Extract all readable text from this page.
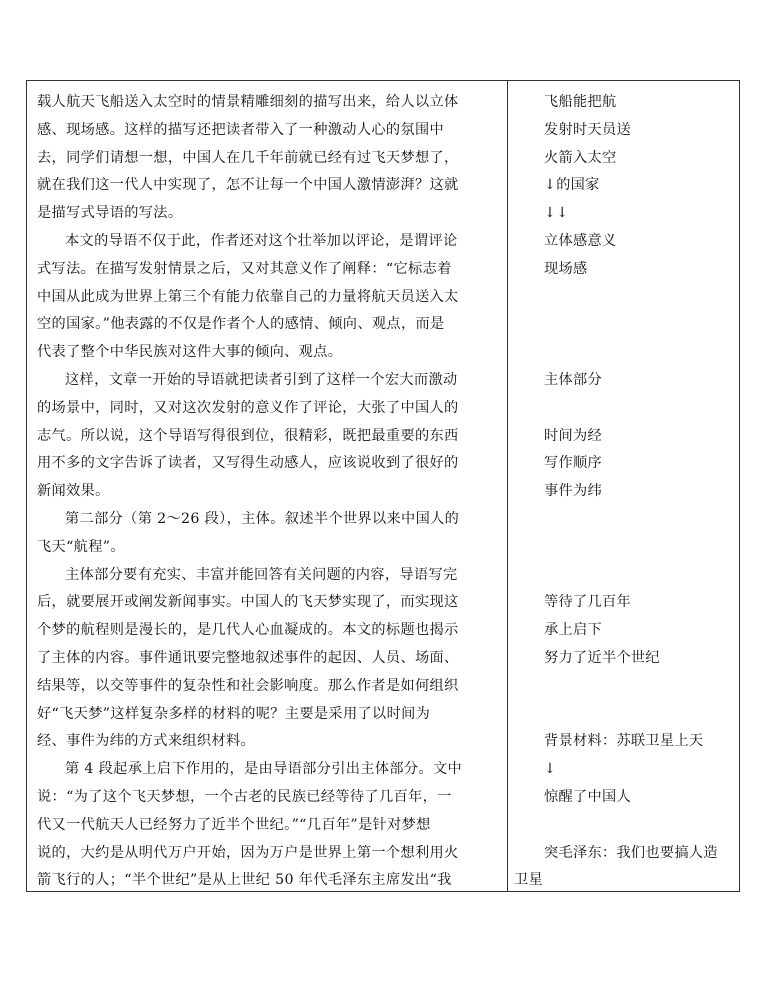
载人航天飞船送入太空时的情景精雕细刻的描写出来，给人以立体
感、现场感。这样的描写还把读者带入了一种激动人心的氛围中
去，同学们请想一想，中国人在几千年前就已经有过飞天梦想了，
就在我们这一代人中实现了，怎不让每一个中国人激情澎湃？这就
是描写式导语的写法。
本文的导语不仅于此，作者还对这个壮举加以评论，是谓评论
式写法。在描写发射情景之后，又对其意义作了阐释：“它标志着
中国从此成为世界上第三个有能力依靠自己的力量将航天员送入太
空的国家。”他表露的不仅是作者个人的感情、倾向、观点，而是
代表了整个中华民族对这件大事的倾向、观点。
这样，文章一开始的导语就把读者引到了这样一个宏大而激动
的场景中，同时，又对这次发射的意义作了评论，大张了中国人的
志气。所以说，这个导语写得很到位，很精彩，既把最重要的东西
用不多的文字告诉了读者，又写得生动感人，应该说收到了很好的
新闻效果。
第二部分（第 2～26 段），主体。叙述半个世界以来中国人的
飞天“航程”。
主体部分要有充实、丰富并能回答有关问题的内容，导语写完
后，就要展开或阐发新闻事实。中国人的飞天梦实现了，而实现这
个梦的航程则是漫长的，是几代人心血凝成的。本文的标题也揭示
了主体的内容。事件通讯要完整地叙述事件的起因、人员、场面、
结果等，以交等事件的复杂性和社会影响度。那么作者是如何组织
好“飞天梦”这样复杂多样的材料的呢？主要是采用了以时间为
经、事件为纬的方式来组织材料。
第 4 段起承上启下作用的，是由导语部分引出主体部分。文中
说：“为了这个飞天梦想，一个古老的民族已经等待了几百年，一
代又一代航天人已经努力了近半个世纪。”“几百年”是针对梦想
说的，大约是从明代万户开始，因为万户是世界上第一个想利用火
箭飞行的人；“半个世纪”是从上世纪 50 年代毛泽东主席发出“我
飞船能把航
发射时天员送
火箭入太空
↓的国家
↓↓
立体感意义
现场感
主体部分
时间为经
写作顺序
事件为纬
等待了几百年
承上启下
努力了近半个世纪
背景材料：苏联卫星上天
↓
惊醒了中国人
突毛泽东：我们也要搞人造
卫星
